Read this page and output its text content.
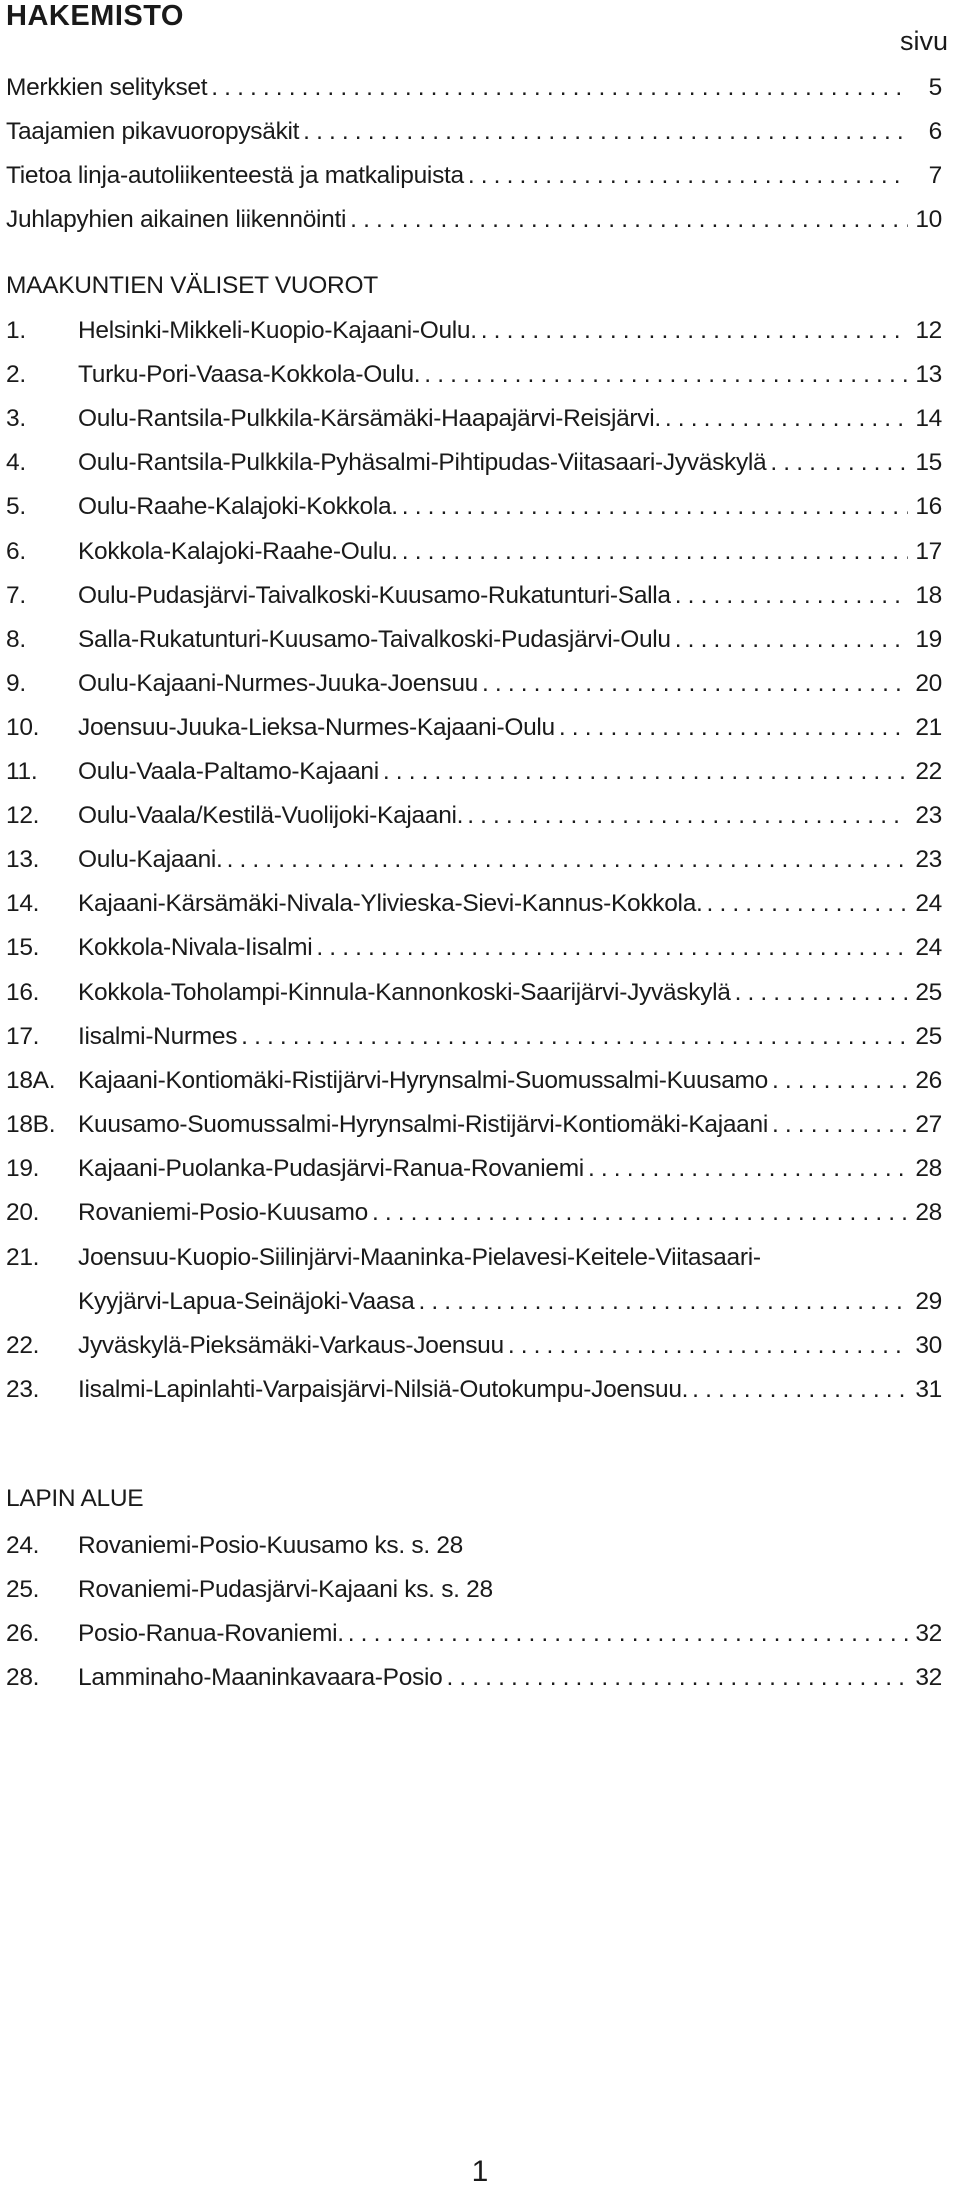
HAKEMISTO
sivu
Merkkien selitykset .....	5
Taajamien pikavuoropysäkit .....	6
Tietoa linja-autoliikenteestä ja matkalipuista .....	7
Juhlapyhien aikainen liikennöinti .....	10
MAAKUNTIEN VÄLISET VUOROT
1.	Helsinki-Mikkeli-Kuopio-Kajaani-Oulu. .....	12
2.	Turku-Pori-Vaasa-Kokkola-Oulu. .....	13
3.	Oulu-Rantsila-Pulkkila-Kärsämäki-Haapajärvi-Reisjärvi. .....	14
4.	Oulu-Rantsila-Pulkkila-Pyhäsalmi-Pihtipudas-Viitasaari-Jyväskylä .....	15
5.	Oulu-Raahe-Kalajoki-Kokkola. .....	16
6.	Kokkola-Kalajoki-Raahe-Oulu. .....	17
7.	Oulu-Pudasjärvi-Taivalkoski-Kuusamo-Rukatunturi-Salla .....	18
8.	Salla-Rukatunturi-Kuusamo-Taivalkoski-Pudasjärvi-Oulu .....	19
9.	Oulu-Kajaani-Nurmes-Juuka-Joensuu .....	20
10.	Joensuu-Juuka-Lieksa-Nurmes-Kajaani-Oulu .....	21
11.	Oulu-Vaala-Paltamo-Kajaani .....	22
12.	Oulu-Vaala/Kestilä-Vuolijoki-Kajaani. .....	23
13.	Oulu-Kajaani. .....	23
14.	Kajaani-Kärsämäki-Nivala-Ylivieska-Sievi-Kannus-Kokkola. .....	24
15.	Kokkola-Nivala-Iisalmi .....	24
16.	Kokkola-Toholampi-Kinnula-Kannonkoski-Saarijärvi-Jyväskylä .....	25
17.	Iisalmi-Nurmes .....	25
18A. Kajaani-Kontiomäki-Ristijärvi-Hyrynsalmi-Suomussalmi-Kuusamo .....	26
18B. Kuusamo-Suomussalmi-Hyrynsalmi-Ristijärvi-Kontiomäki-Kajaani .....	27
19.	Kajaani-Puolanka-Pudasjärvi-Ranua-Rovaniemi .....	28
20.	Rovaniemi-Posio-Kuusamo .....	28
21.	Joensuu-Kuopio-Siilinjärvi-Maaninka-Pielavesi-Keitele-Viitasaari-
Kyyjärvi-Lapua-Seinäjoki-Vaasa .....	29
22.	Jyväskylä-Pieksämäki-Varkaus-Joensuu .....	30
23.	Iisalmi-Lapinlahti-Varpaisjärvi-Nilsiä-Outokumpu-Joensuu. .....	31
LAPIN ALUE
24.	Rovaniemi-Posio-Kuusamo ks. s. 28
25.	Rovaniemi-Pudasjärvi-Kajaani ks. s. 28
26.	Posio-Ranua-Rovaniemi. .....	32
28.	Lamminaho-Maaninkavaara-Posio .....	32
1
